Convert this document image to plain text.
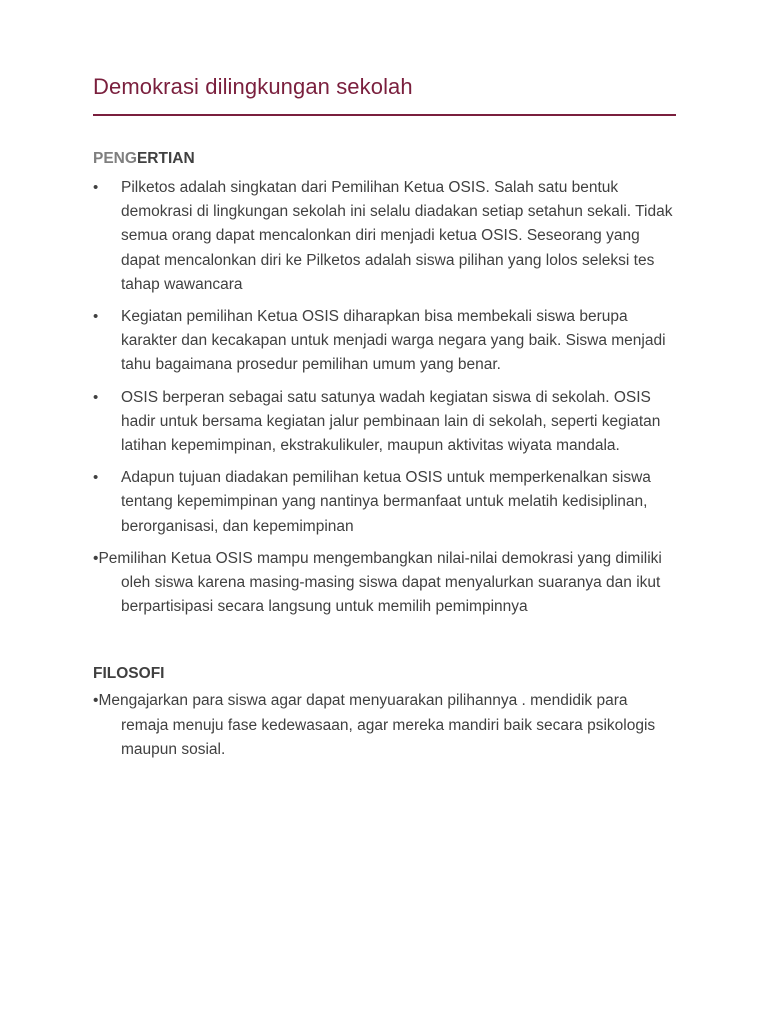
Demokrasi dilingkungan sekolah
PENGERTIAN
•	Pilketos adalah singkatan dari Pemilihan Ketua OSIS. Salah satu bentuk demokrasi di lingkungan sekolah ini selalu diadakan setiap setahun sekali. Tidak semua orang dapat mencalonkan diri menjadi ketua OSIS. Seseorang yang dapat mencalonkan diri ke Pilketos adalah siswa pilihan yang lolos seleksi tes tahap wawancara
•	Kegiatan pemilihan Ketua OSIS diharapkan bisa membekali siswa berupa karakter dan kecakapan untuk menjadi warga negara yang baik. Siswa menjadi tahu bagaimana prosedur pemilihan umum yang benar.
•	OSIS berperan sebagai satu satunya wadah kegiatan siswa di sekolah. OSIS hadir untuk bersama kegiatan jalur pembinaan lain di sekolah, seperti kegiatan latihan kepemimpinan, ekstrakulikuler, maupun aktivitas wiyata mandala.
•	Adapun tujuan diadakan pemilihan ketua OSIS untuk memperkenalkan siswa tentang kepemimpinan yang nantinya bermanfaat untuk melatih kedisiplinan, berorganisasi, dan kepemimpinan
•Pemilihan Ketua OSIS mampu mengembangkan nilai-nilai demokrasi yang dimiliki oleh siswa karena masing-masing siswa dapat menyalurkan suaranya dan ikut berpartisipasi secara langsung untuk memilih pemimpinnya
FILOSOFI
•Mengajarkan para siswa agar dapat menyuarakan pilihannya . mendidik para remaja menuju fase kedewasaan, agar mereka mandiri baik secara psikologis maupun sosial.
